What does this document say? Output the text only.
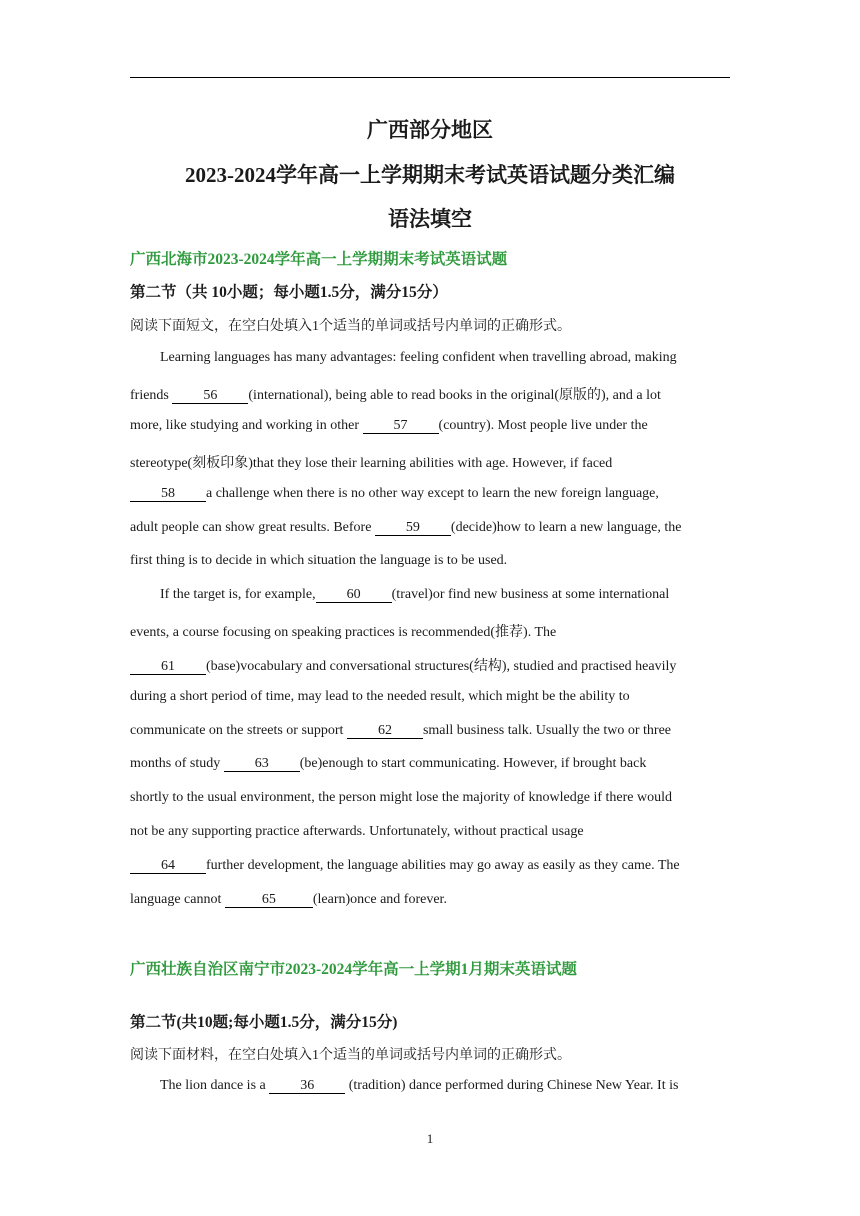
广西部分地区
2023-2024学年高一上学期期末考试英语试题分类汇编
语法填空
广西北海市2023-2024学年高一上学期期末考试英语试题
第二节（共 10小题；每小题1.5分，满分15分）
阅读下面短文，在空白处填入1个适当的单词或括号内单词的正确形式。
Learning languages has many advantages: feeling confident when travelling abroad, making
friends 56 (international), being able to read books in the original(原版的), and a lot
more, like studying and working in other 57 (country). Most people live under the
stereotype(刻板印象)that they lose their learning abilities with age. However, if faced
58 a challenge when there is no other way except to learn the new foreign language,
adult people can show great results. Before 59 (decide)how to learn a new language, the
first thing is to decide in which situation the language is to be used.
If the target is, for example, 60 (travel)or find new business at some international
events, a course focusing on speaking practices is recommended(推荐). The
61 (base)vocabulary and conversational structures(结构), studied and practised heavily
during a short period of time, may lead to the needed result, which might be the ability to
communicate on the streets or support 62 small business talk. Usually the two or three
months of study 63 (be)enough to start communicating. However, if brought back
shortly to the usual environment, the person might lose the majority of knowledge if there would
not be any supporting practice afterwards. Unfortunately, without practical usage
64 further development, the language abilities may go away as easily as they came. The
language cannot	65	(learn)once and forever.
广西壮族自治区南宁市2023-2024学年高一上学期1月期末英语试题
第二节(共10题;每小题1.5分，满分15分)
阅读下面材料，在空白处填入1个适当的单词或括号内单词的正确形式。
The lion dance is a 36 (tradition) dance performed during Chinese New Year. It is
1
